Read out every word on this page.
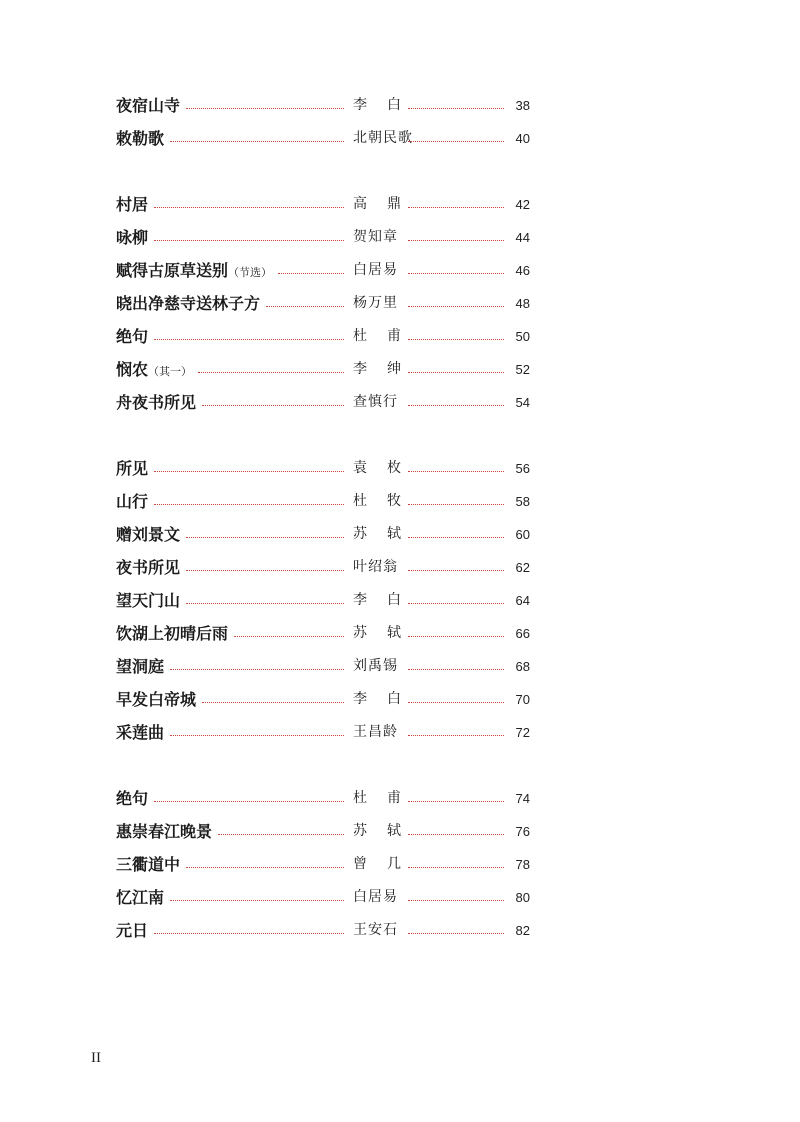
夜宿山寺	李 白	38
敕勒歌	北朝民歌	40
村居	高 鼎	42
咏柳	贺知章	44
赋得古原草送别（节选）	白居易	46
晓出净慈寺送林子方	杨万里	48
绝句	杜 甫	50
悯农（其一）	李 绅	52
舟夜书所见	查慎行	54
所见	袁 枚	56
山行	杜 牧	58
赠刘景文	苏 轼	60
夜书所见	叶绍翁	62
望天门山	李 白	64
饮湖上初晴后雨	苏 轼	66
望洞庭	刘禹锡	68
早发白帝城	李 白	70
采莲曲	王昌龄	72
绝句	杜 甫	74
惠崇春江晚景	苏 轼	76
三衢道中	曾 几	78
忆江南	白居易	80
元日	王安石	82
II
